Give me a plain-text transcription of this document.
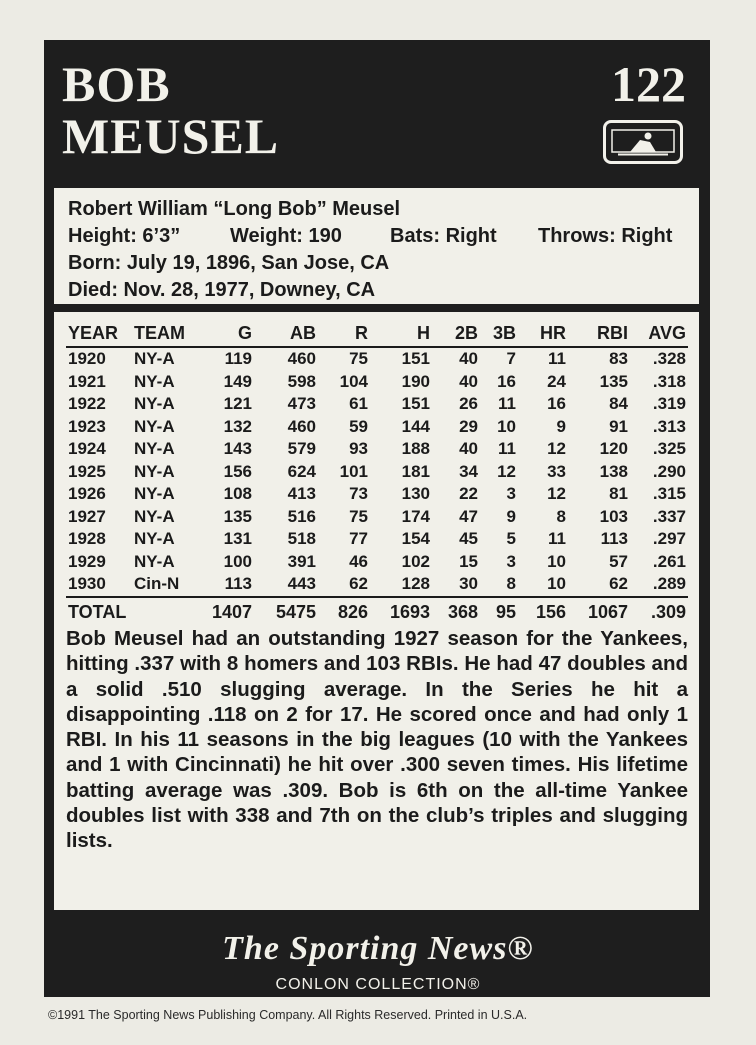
BOB
MEUSEL
122
Robert William “Long Bob” Meusel
Height: 6’3” Weight: 190 Bats: Right Throws: Right
Born: July 19, 1896, San Jose, CA
Died: Nov. 28, 1977, Downey, CA
YEAR	TEAM	G	AB	R	H	2B	3B	HR	RBI	AVG
1920	NY-A	119	460	75	151	40	7	11	83	.328
1921	NY-A	149	598	104	190	40	16	24	135	.318
1922	NY-A	121	473	61	151	26	11	16	84	.319
1923	NY-A	132	460	59	144	29	10	9	91	.313
1924	NY-A	143	579	93	188	40	11	12	120	.325
1925	NY-A	156	624	101	181	34	12	33	138	.290
1926	NY-A	108	413	73	130	22	3	12	81	.315
1927	NY-A	135	516	75	174	47	9	8	103	.337
1928	NY-A	131	518	77	154	45	5	11	113	.297
1929	NY-A	100	391	46	102	15	3	10	57	.261
1930	Cin-N	113	443	62	128	30	8	10	62	.289
TOTAL		1407	5475	826	1693	368	95	156	1067	.309
Bob Meusel had an outstanding 1927 season for the Yankees, hitting .337 with 8 homers and 103 RBIs. He had 47 doubles and a solid .510 slugging average. In the Series he hit a disappointing .118 on 2 for 17. He scored once and had only 1 RBI. In his 11 seasons in the big leagues (10 with the Yankees and 1 with Cincinnati) he hit over .300 seven times. His lifetime batting average was .309. Bob is 6th on the all-time Yankee doubles list with 338 and 7th on the club’s triples and slugging lists.
The Sporting News®
CONLON COLLECTION®
©1991 The Sporting News Publishing Company. All Rights Reserved. Printed in U.S.A.
